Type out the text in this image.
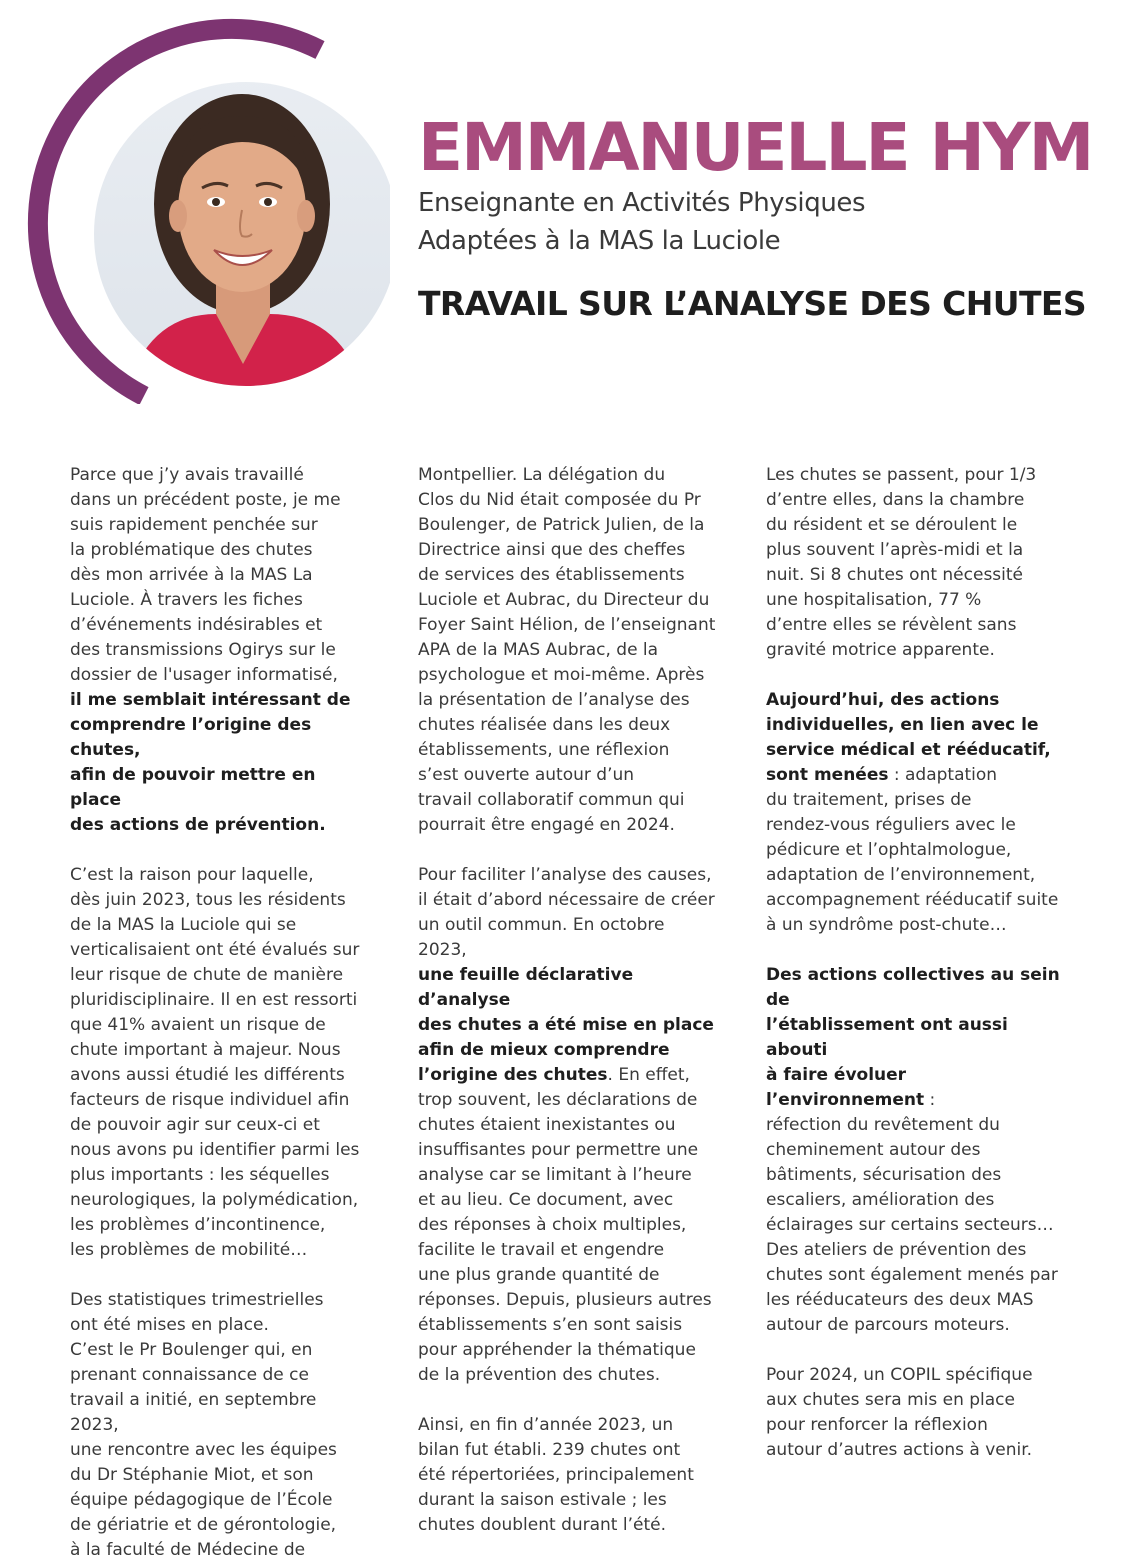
EMMANUELLE HYM

Enseignante en Activités Physiques
Adaptées à la MAS la Luciole

TRAVAIL SUR L’ANALYSE DES CHUTES

Parce que j’y avais travaillé
dans un précédent poste, je me
suis rapidement penchée sur
la problématique des chutes
dès mon arrivée à la MAS La
Luciole. À travers les fiches
d’événements indésirables et
des transmissions Ogirys sur le
dossier de l'usager informatisé,
il me semblait intéressant de
comprendre l’origine des chutes,
afin de pouvoir mettre en place
des actions de prévention.

C’est la raison pour laquelle,
dès juin 2023, tous les résidents
de la MAS la Luciole qui se
verticalisaient ont été évalués sur
leur risque de chute de manière
pluridisciplinaire. Il en est ressorti
que 41% avaient un risque de
chute important à majeur. Nous
avons aussi étudié les différents
facteurs de risque individuel afin
de pouvoir agir sur ceux-ci et
nous avons pu identifier parmi les
plus importants : les séquelles
neurologiques, la polymédication,
les problèmes d’incontinence,
les problèmes de mobilité…

Des statistiques trimestrielles
ont été mises en place.
C’est le Pr Boulenger qui, en
prenant connaissance de ce
travail a initié, en septembre 2023,
une rencontre avec les équipes
du Dr Stéphanie Miot, et son
équipe pédagogique de l’École
de gériatrie et de gérontologie,
à la faculté de Médecine de

Montpellier. La délégation du
Clos du Nid était composée du Pr
Boulenger, de Patrick Julien, de la
Directrice ainsi que des cheffes
de services des établissements
Luciole et Aubrac, du Directeur du
Foyer Saint Hélion, de l’enseignant
APA de la MAS Aubrac, de la
psychologue et moi-même. Après
la présentation de l’analyse des
chutes réalisée dans les deux
établissements, une réflexion
s’est ouverte autour d’un
travail collaboratif commun qui
pourrait être engagé en 2024.

Pour faciliter l’analyse des causes,
il était d’abord nécessaire de créer
un outil commun. En octobre 2023,
une feuille déclarative d’analyse
des chutes a été mise en place
afin de mieux comprendre
l’origine des chutes. En effet,
trop souvent, les déclarations de
chutes étaient inexistantes ou
insuffisantes pour permettre une
analyse car se limitant à l’heure
et au lieu. Ce document, avec
des réponses à choix multiples,
facilite le travail et engendre
une plus grande quantité de
réponses. Depuis, plusieurs autres
établissements s’en sont saisis
pour appréhender la thématique
de la prévention des chutes.

Ainsi, en fin d’année 2023, un
bilan fut établi. 239 chutes ont
été répertoriées, principalement
durant la saison estivale ; les
chutes doublent durant l’été.

Les chutes se passent, pour 1/3
d’entre elles, dans la chambre
du résident et se déroulent le
plus souvent l’après-midi et la
nuit. Si 8 chutes ont nécessité
une hospitalisation, 77 %
d’entre elles se révèlent sans
gravité motrice apparente.

Aujourd’hui, des actions
individuelles, en lien avec le
service médical et rééducatif,
sont menées : adaptation
du traitement, prises de
rendez-vous réguliers avec le
pédicure et l’ophtalmologue,
adaptation de l’environnement,
accompagnement rééducatif suite
à un syndrôme post-chute…

Des actions collectives au sein de
l’établissement ont aussi abouti
à faire évoluer l’environnement :
réfection du revêtement du
cheminement autour des
bâtiments, sécurisation des
escaliers, amélioration des
éclairages sur certains secteurs…
Des ateliers de prévention des
chutes sont également menés par
les rééducateurs des deux MAS
autour de parcours moteurs.

Pour 2024, un COPIL spécifique
aux chutes sera mis en place
pour renforcer la réflexion
autour d’autres actions à venir.
